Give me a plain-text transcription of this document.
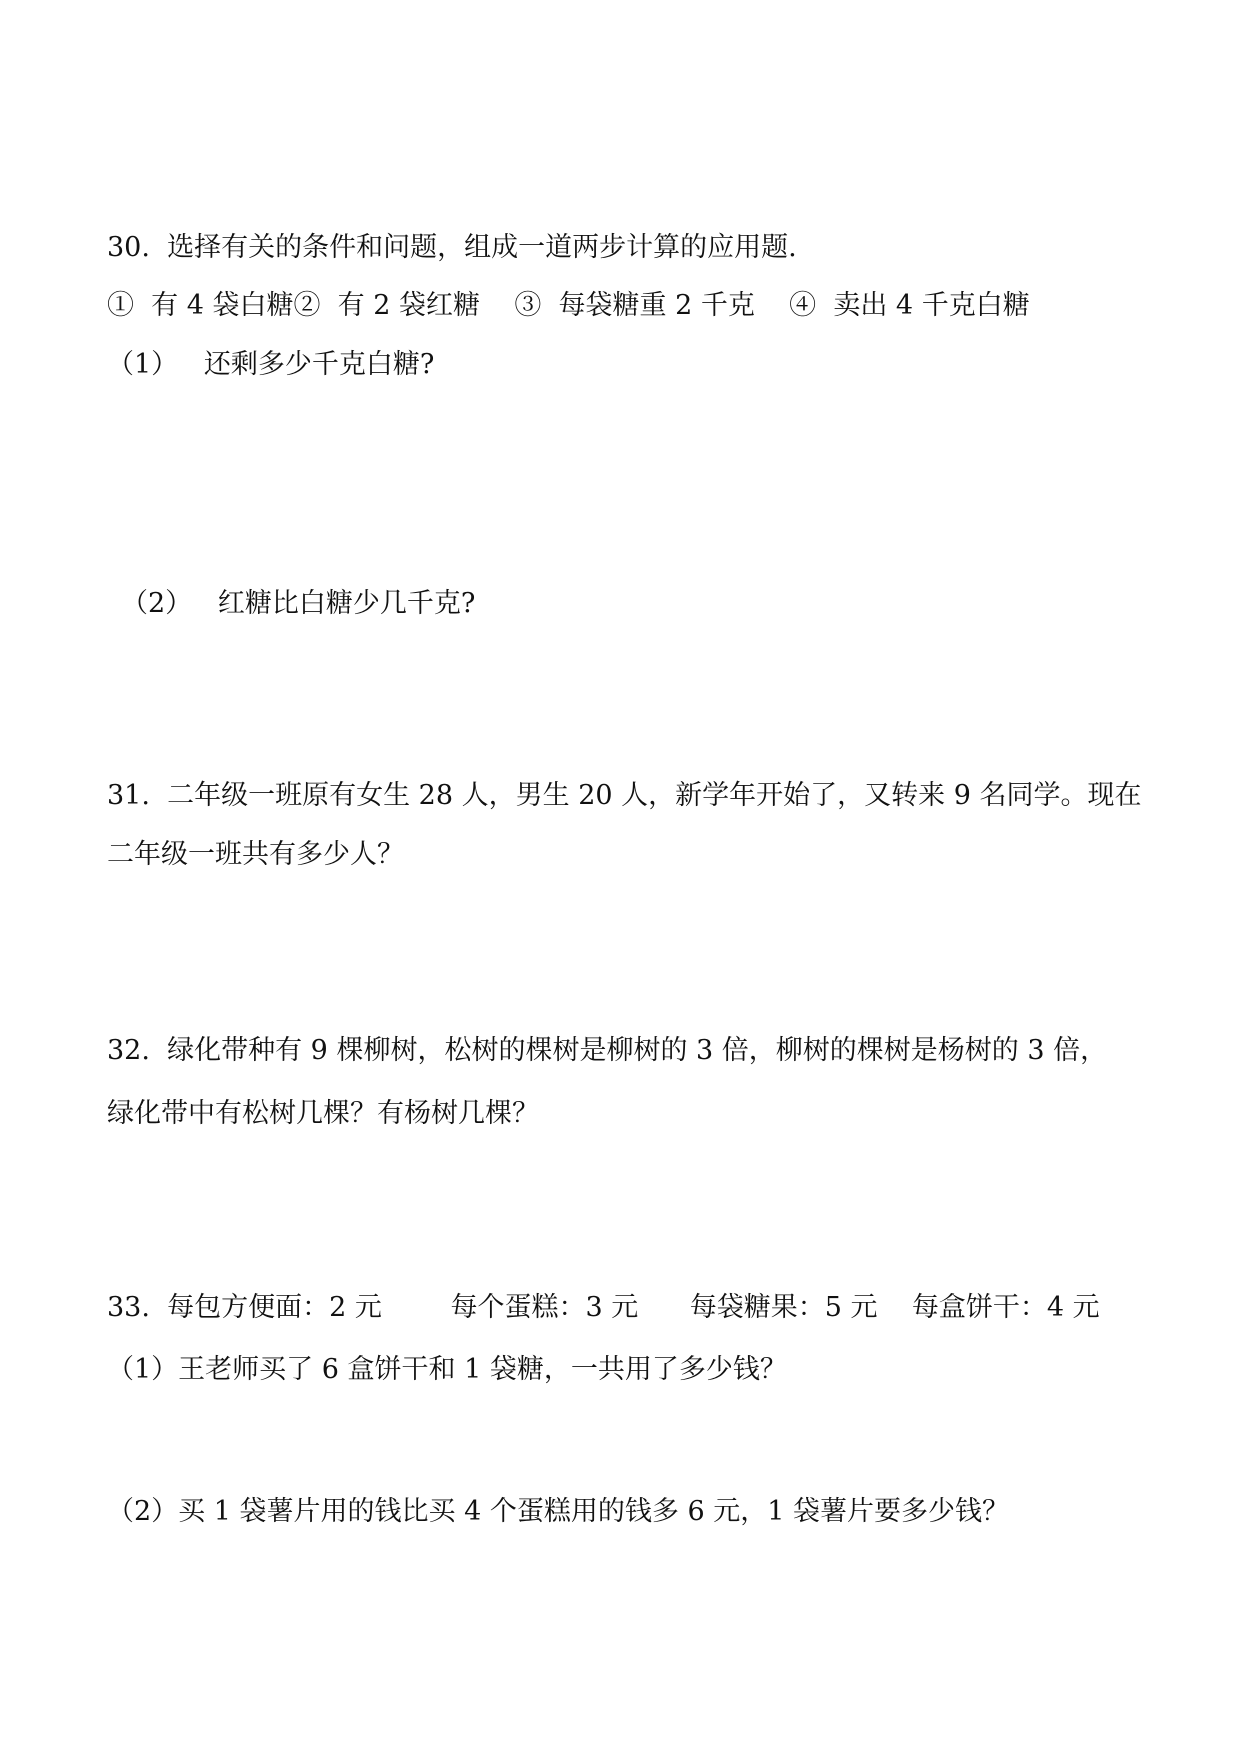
30.  选择有关的条件和问题，组成一道两步计算的应用题.
①  有 4 袋白糖②  有 2 袋红糖    ③  每袋糖重 2 千克    ④  卖出 4 千克白糖
（1）   还剩多少千克白糖?
（2）   红糖比白糖少几千克?
31.  二年级一班原有女生 28 人，男生 20 人，新学年开始了，又转来 9 名同学。现在
二年级一班共有多少人？
32.  绿化带种有 9 棵柳树，松树的棵树是柳树的 3 倍，柳树的棵树是杨树的 3 倍，
绿化带中有松树几棵？有杨树几棵？
33.  每包方便面：2 元        每个蛋糕：3 元      每袋糖果：5 元    每盒饼干：4 元
（1）王老师买了 6 盒饼干和 1 袋糖，一共用了多少钱？
（2）买 1 袋薯片用的钱比买 4 个蛋糕用的钱多 6 元，1 袋薯片要多少钱？
